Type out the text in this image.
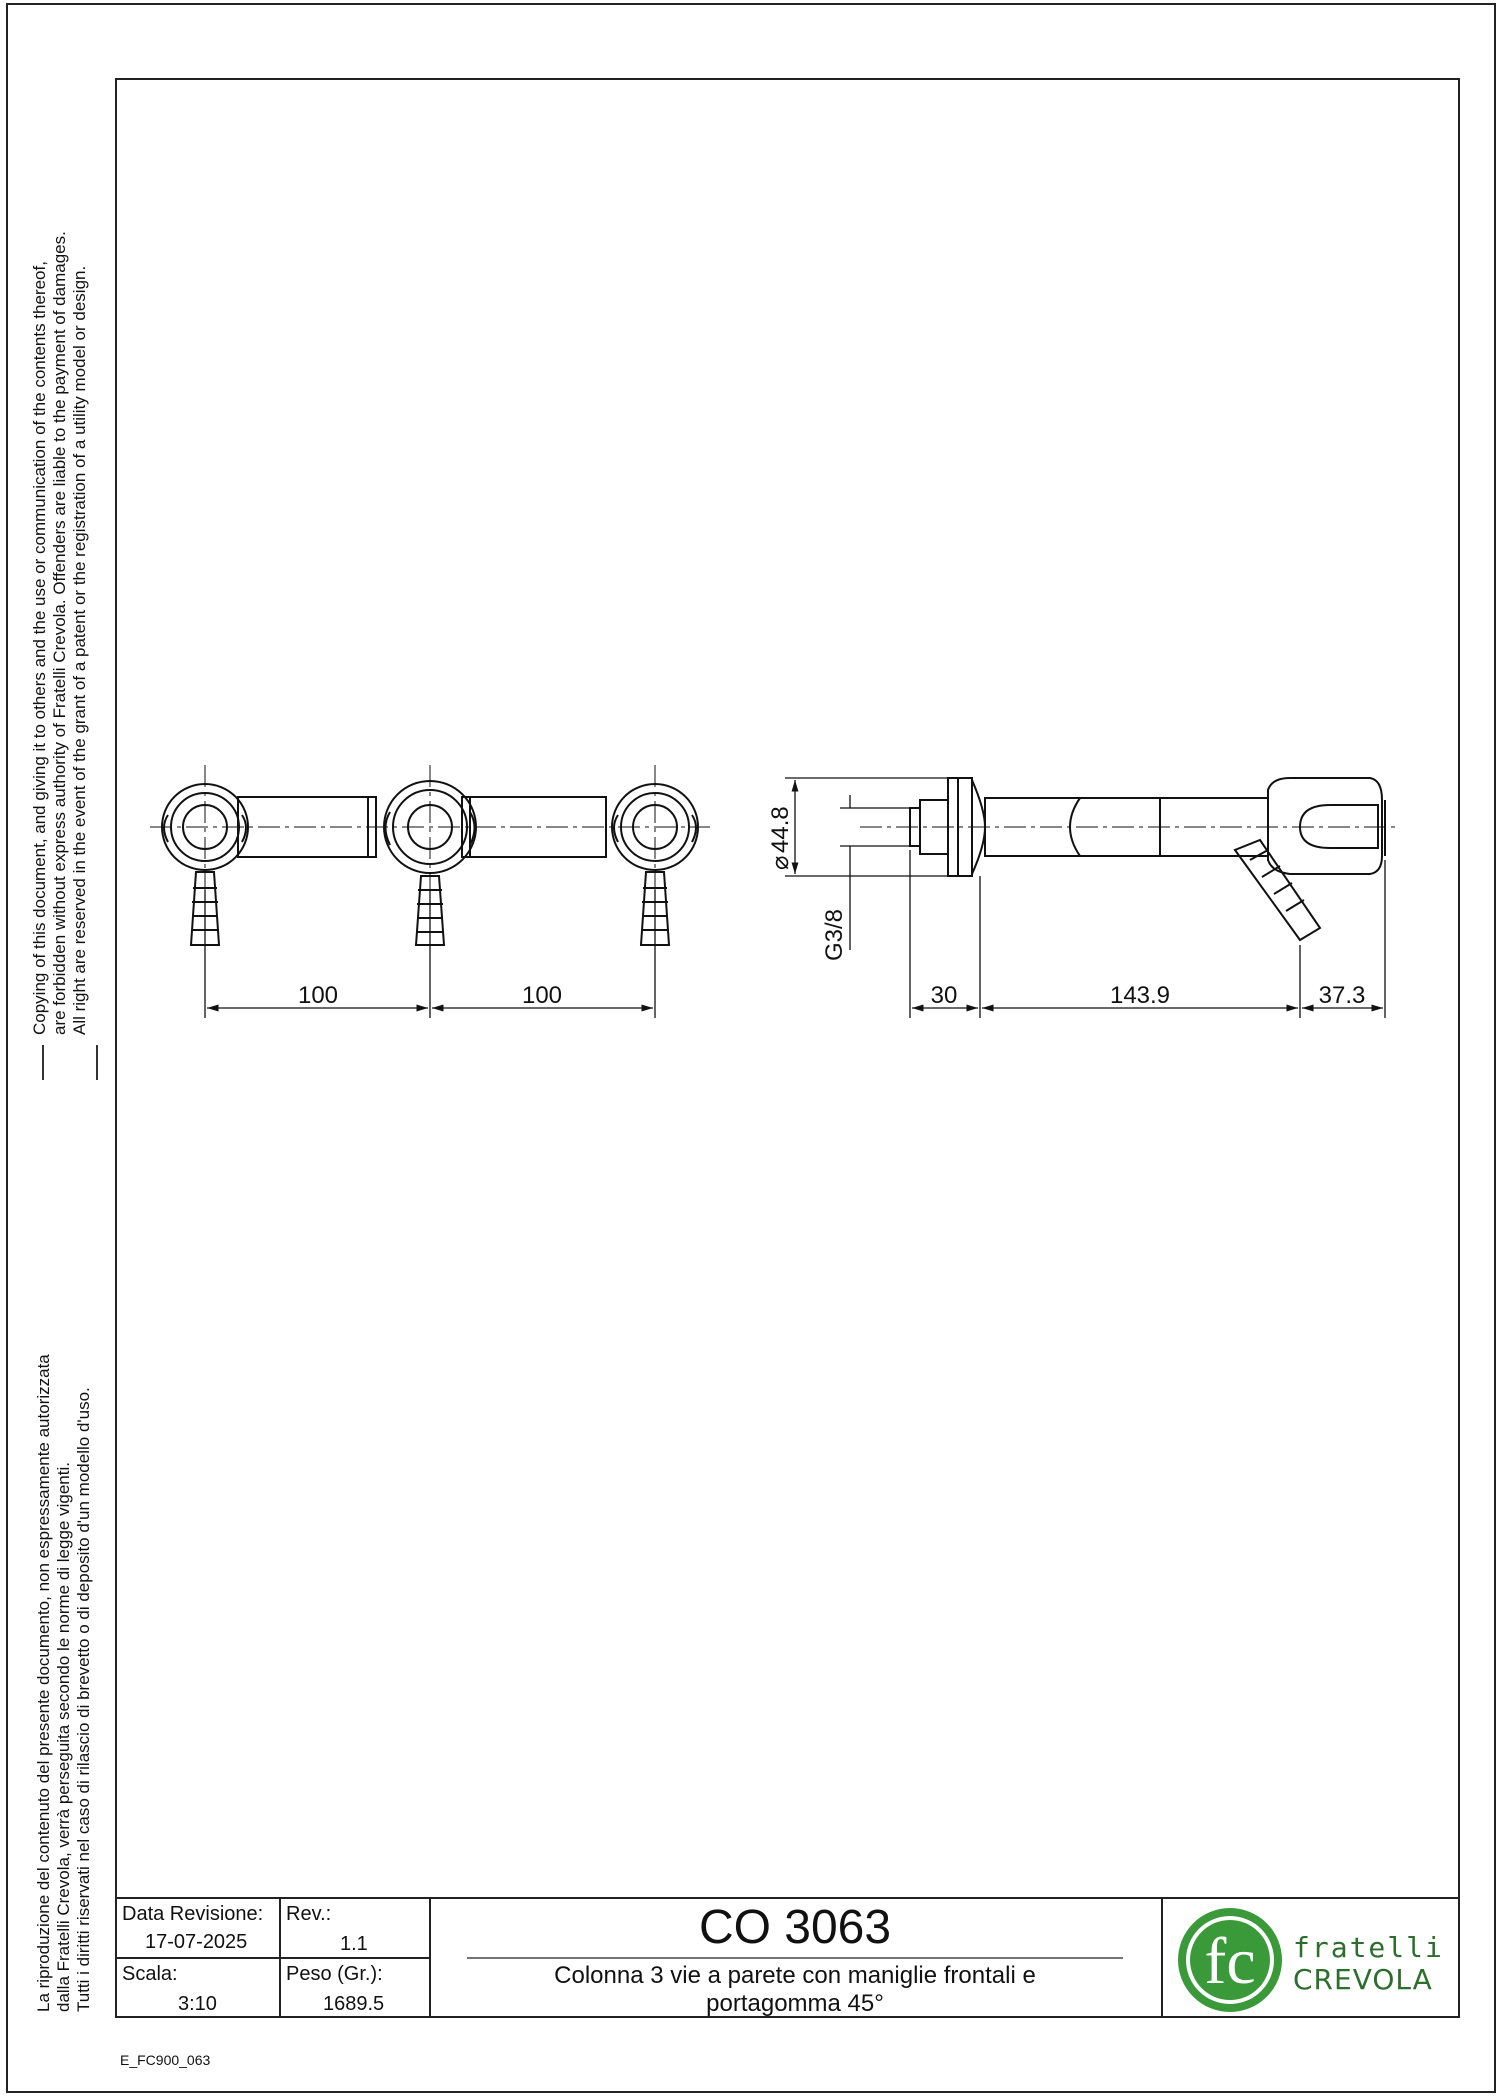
Copying of this document, and giving it to others and the use or communication of the contents thereof, are forbidden without express authority of Fratelli Crevola. Offenders are liable to the payment of damages. All right are reserved in the event of the grant of a patent or the registration of a utility model or design.
La riproduzione del contenuto del presente documento, non espressamente autorizzata dalla Fratelli Crevola, verrà perseguita secondo le norme di legge vigenti. Tutti i diritti riservati nel caso di rilascio di brevetto o di deposito d'un modello d'uso.
100	100	30	143.9	37.3
⌀
44.8
G3/8
Data Revisione:
17-07-2025
Rev.:
1.1
Scala:
3:10
Peso (Gr.):
1689.5
CO 3063
Colonna 3 vie a parete con maniglie frontali e
portagomma 45°
fc fratelli
CREVOLA
E_FC900_063
